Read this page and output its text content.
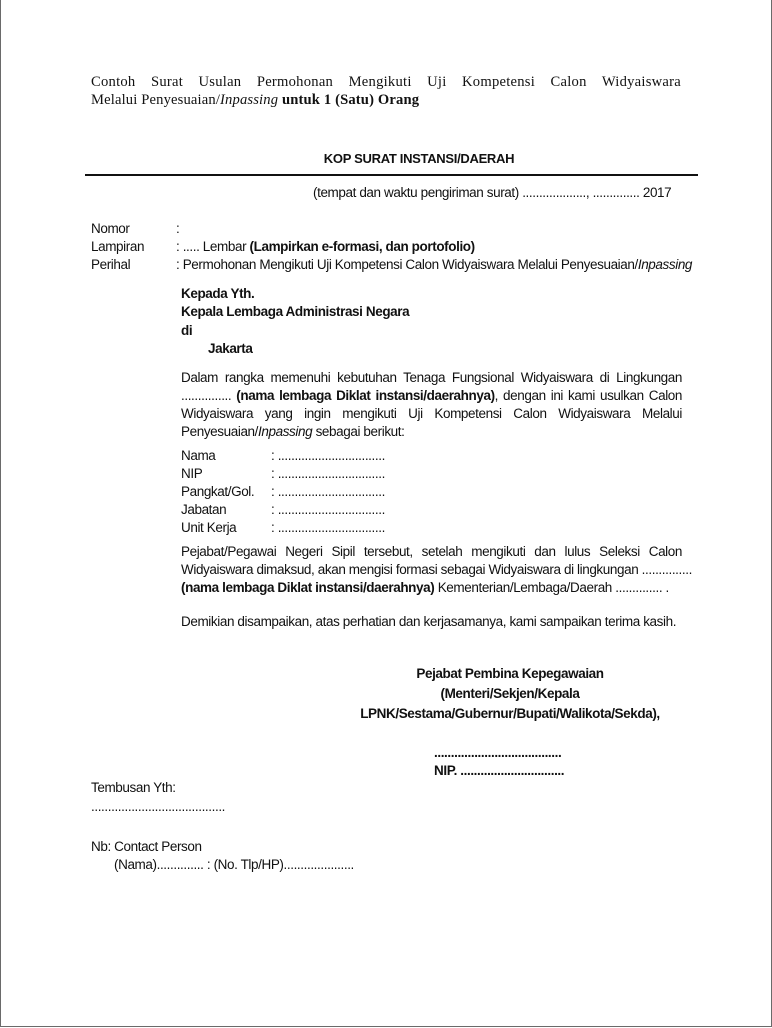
Contoh Surat Usulan Permohonan Mengikuti Uji Kompetensi Calon Widyaiswara
Melalui Penyesuaian/Inpassing untuk 1 (Satu) Orang
KOP SURAT INSTANSI/DAERAH
(tempat dan waktu pengiriman surat) ..................., .............. 2017
Nomor	:
Lampiran : ..... Lembar (Lampirkan e-formasi, dan portofolio)
Perihal	: Permohonan Mengikuti Uji Kompetensi Calon Widyaiswara Melalui Penyesuaian/Inpassing
Kepada Yth.
Kepala Lembaga Administrasi Negara
di
Jakarta
Dalam rangka memenuhi kebutuhan Tenaga Fungsional Widyaiswara di Lingkungan
............... (nama lembaga Diklat instansi/daerahnya), dengan ini kami usulkan Calon
Widyaiswara yang ingin mengikuti Uji Kompetensi Calon Widyaiswara Melalui
Penyesuaian/Inpassing sebagai berikut:
Nama	: ................................
NIP	: ................................
Pangkat/Gol. : ................................
Jabatan	: ................................
Unit Kerja	: ................................
Pejabat/Pegawai Negeri Sipil tersebut, setelah mengikuti dan lulus Seleksi Calon
Widyaiswara dimaksud, akan mengisi formasi sebagai Widyaiswara di lingkungan ...............
(nama lembaga Diklat instansi/daerahnya) Kementerian/Lembaga/Daerah .............. .
Demikian disampaikan, atas perhatian dan kerjasamanya, kami sampaikan terima kasih.
Pejabat Pembina Kepegawaian (Menteri/Sekjen/Kepala
LPNK/Sestama/Gubernur/Bupati/Walikota/Sekda),
......................................
NIP. ...............................
Tembusan Yth:
........................................
Nb: Contact Person
(Nama).............. : (No. Tlp/HP).....................
